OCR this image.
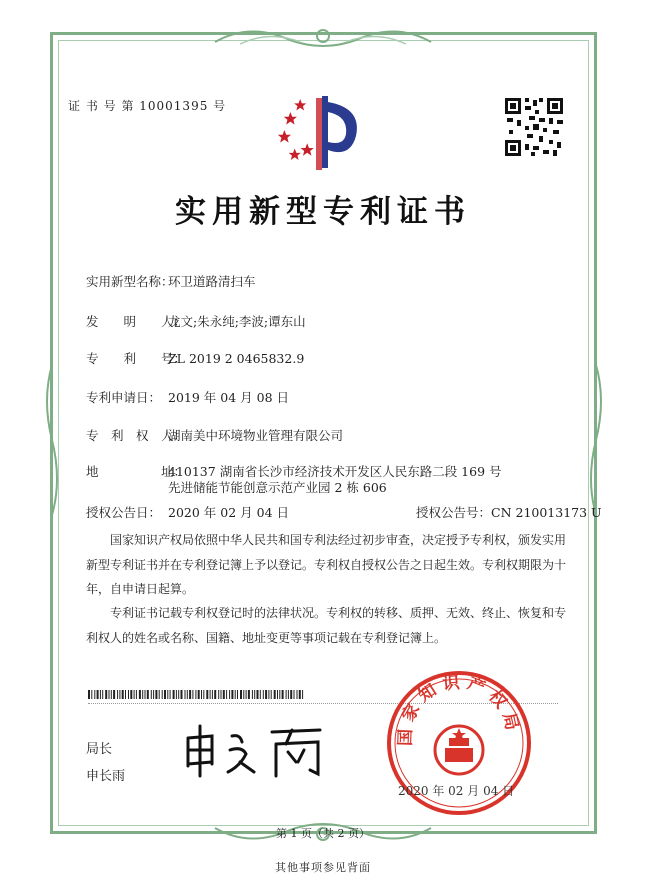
证 书 号 第 10001395 号
实用新型专利证书
实用新型名称：环卫道路清扫车
发　　明　　人：龙文;朱永纯;李波;谭东山
专　　利　　号：ZL 2019 2 0465832.9
专利申请日： 2019 年 04 月 08 日
专　利　权　人：湖南美中环境物业管理有限公司
地　　　　　址：410137 湖南省长沙市经济技术开发区人民东路二段 169 号
先进储能节能创意示范产业园 2 栋 606
授权公告日： 2020 年 02 月 04 日	授权公告号：CN 210013173 U
　　国家知识产权局依照中华人民共和国专利法经过初步审查，决定授予专利权，颁发实用
新型专利证书并在专利登记簿上予以登记。专利权自授权公告之日起生效。专利权期限为十
年，自申请日起算。
　　专利证书记载专利权登记时的法律状况。专利权的转移、质押、无效、终止、恢复和专
利权人的姓名或名称、国籍、地址变更等事项记载在专利登记簿上。
局长
申长雨
国家知识产权局
2020 年 02 月 04 日
第 1 页（共 2 页）
其他事项参见背面
